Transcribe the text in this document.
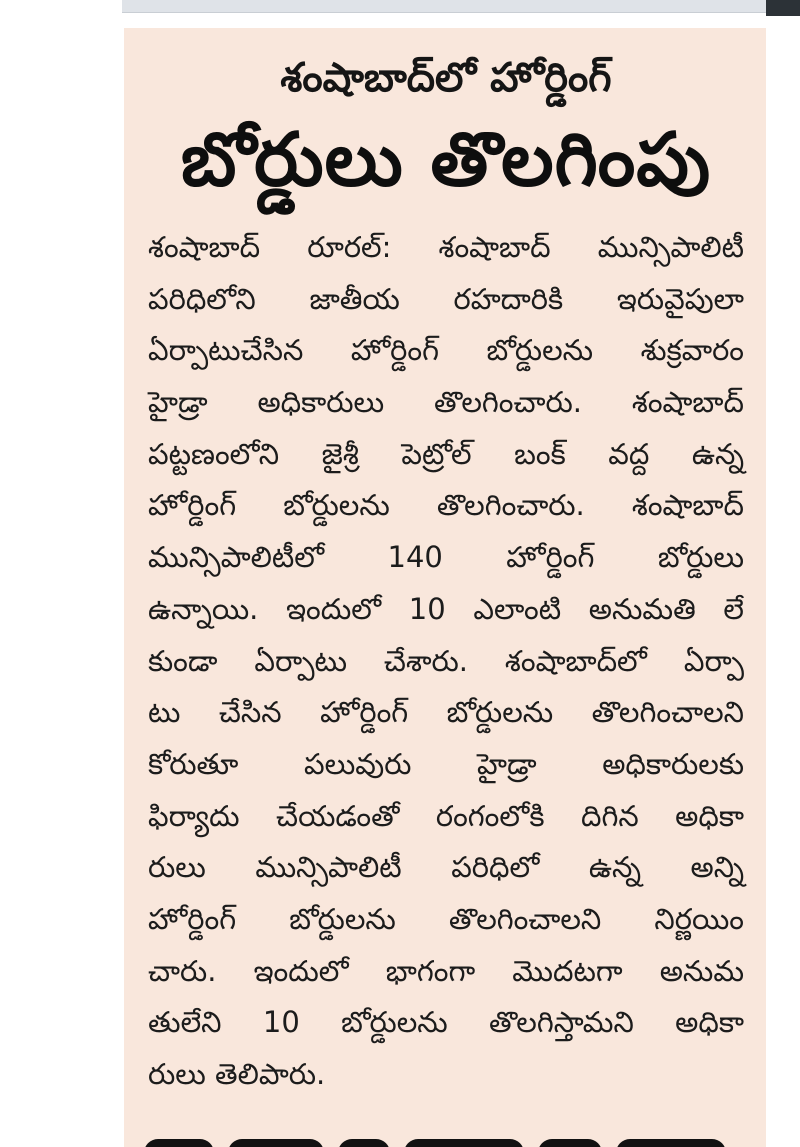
శంషాబాద్‌లో హోర్డింగ్
బోర్డులు తొలగింపు
శంషాబాద్ రూరల్: శంషాబాద్ మున్సిపాలిటీ
పరిధిలోని జాతీయ రహదారికి ఇరువైపులా
ఏర్పాటుచేసిన హోర్డింగ్ బోర్డులను శుక్రవారం
హైడ్రా అధికారులు తొలగించారు. శంషాబాద్
పట్టణంలోని జైశ్రీ పెట్రోల్ బంక్ వద్ద ఉన్న
హోర్డింగ్ బోర్డులను తొలగించారు. శంషాబాద్
మున్సిపాలిటీలో 140 హోర్డింగ్ బోర్డులు
ఉన్నాయి. ఇందులో 10 ఎలాంటి అనుమతి లే
కుండా ఏర్పాటు చేశారు. శంషాబాద్‌లో ఏర్పా
టు చేసిన హోర్డింగ్ బోర్డులను తొలగించాలని
కోరుతూ పలువురు హైడ్రా అధికారులకు
ఫిర్యాదు చేయడంతో రంగంలోకి దిగిన అధికా
రులు మున్సిపాలిటీ పరిధిలో ఉన్న అన్ని
హోర్డింగ్ బోర్డులను తొలగించాలని నిర్ణయిం
చారు. ఇందులో భాగంగా మొదటగా అనుమ
తులేని 10 బోర్డులను తొలగిస్తామని అధికా
రులు తెలిపారు.
